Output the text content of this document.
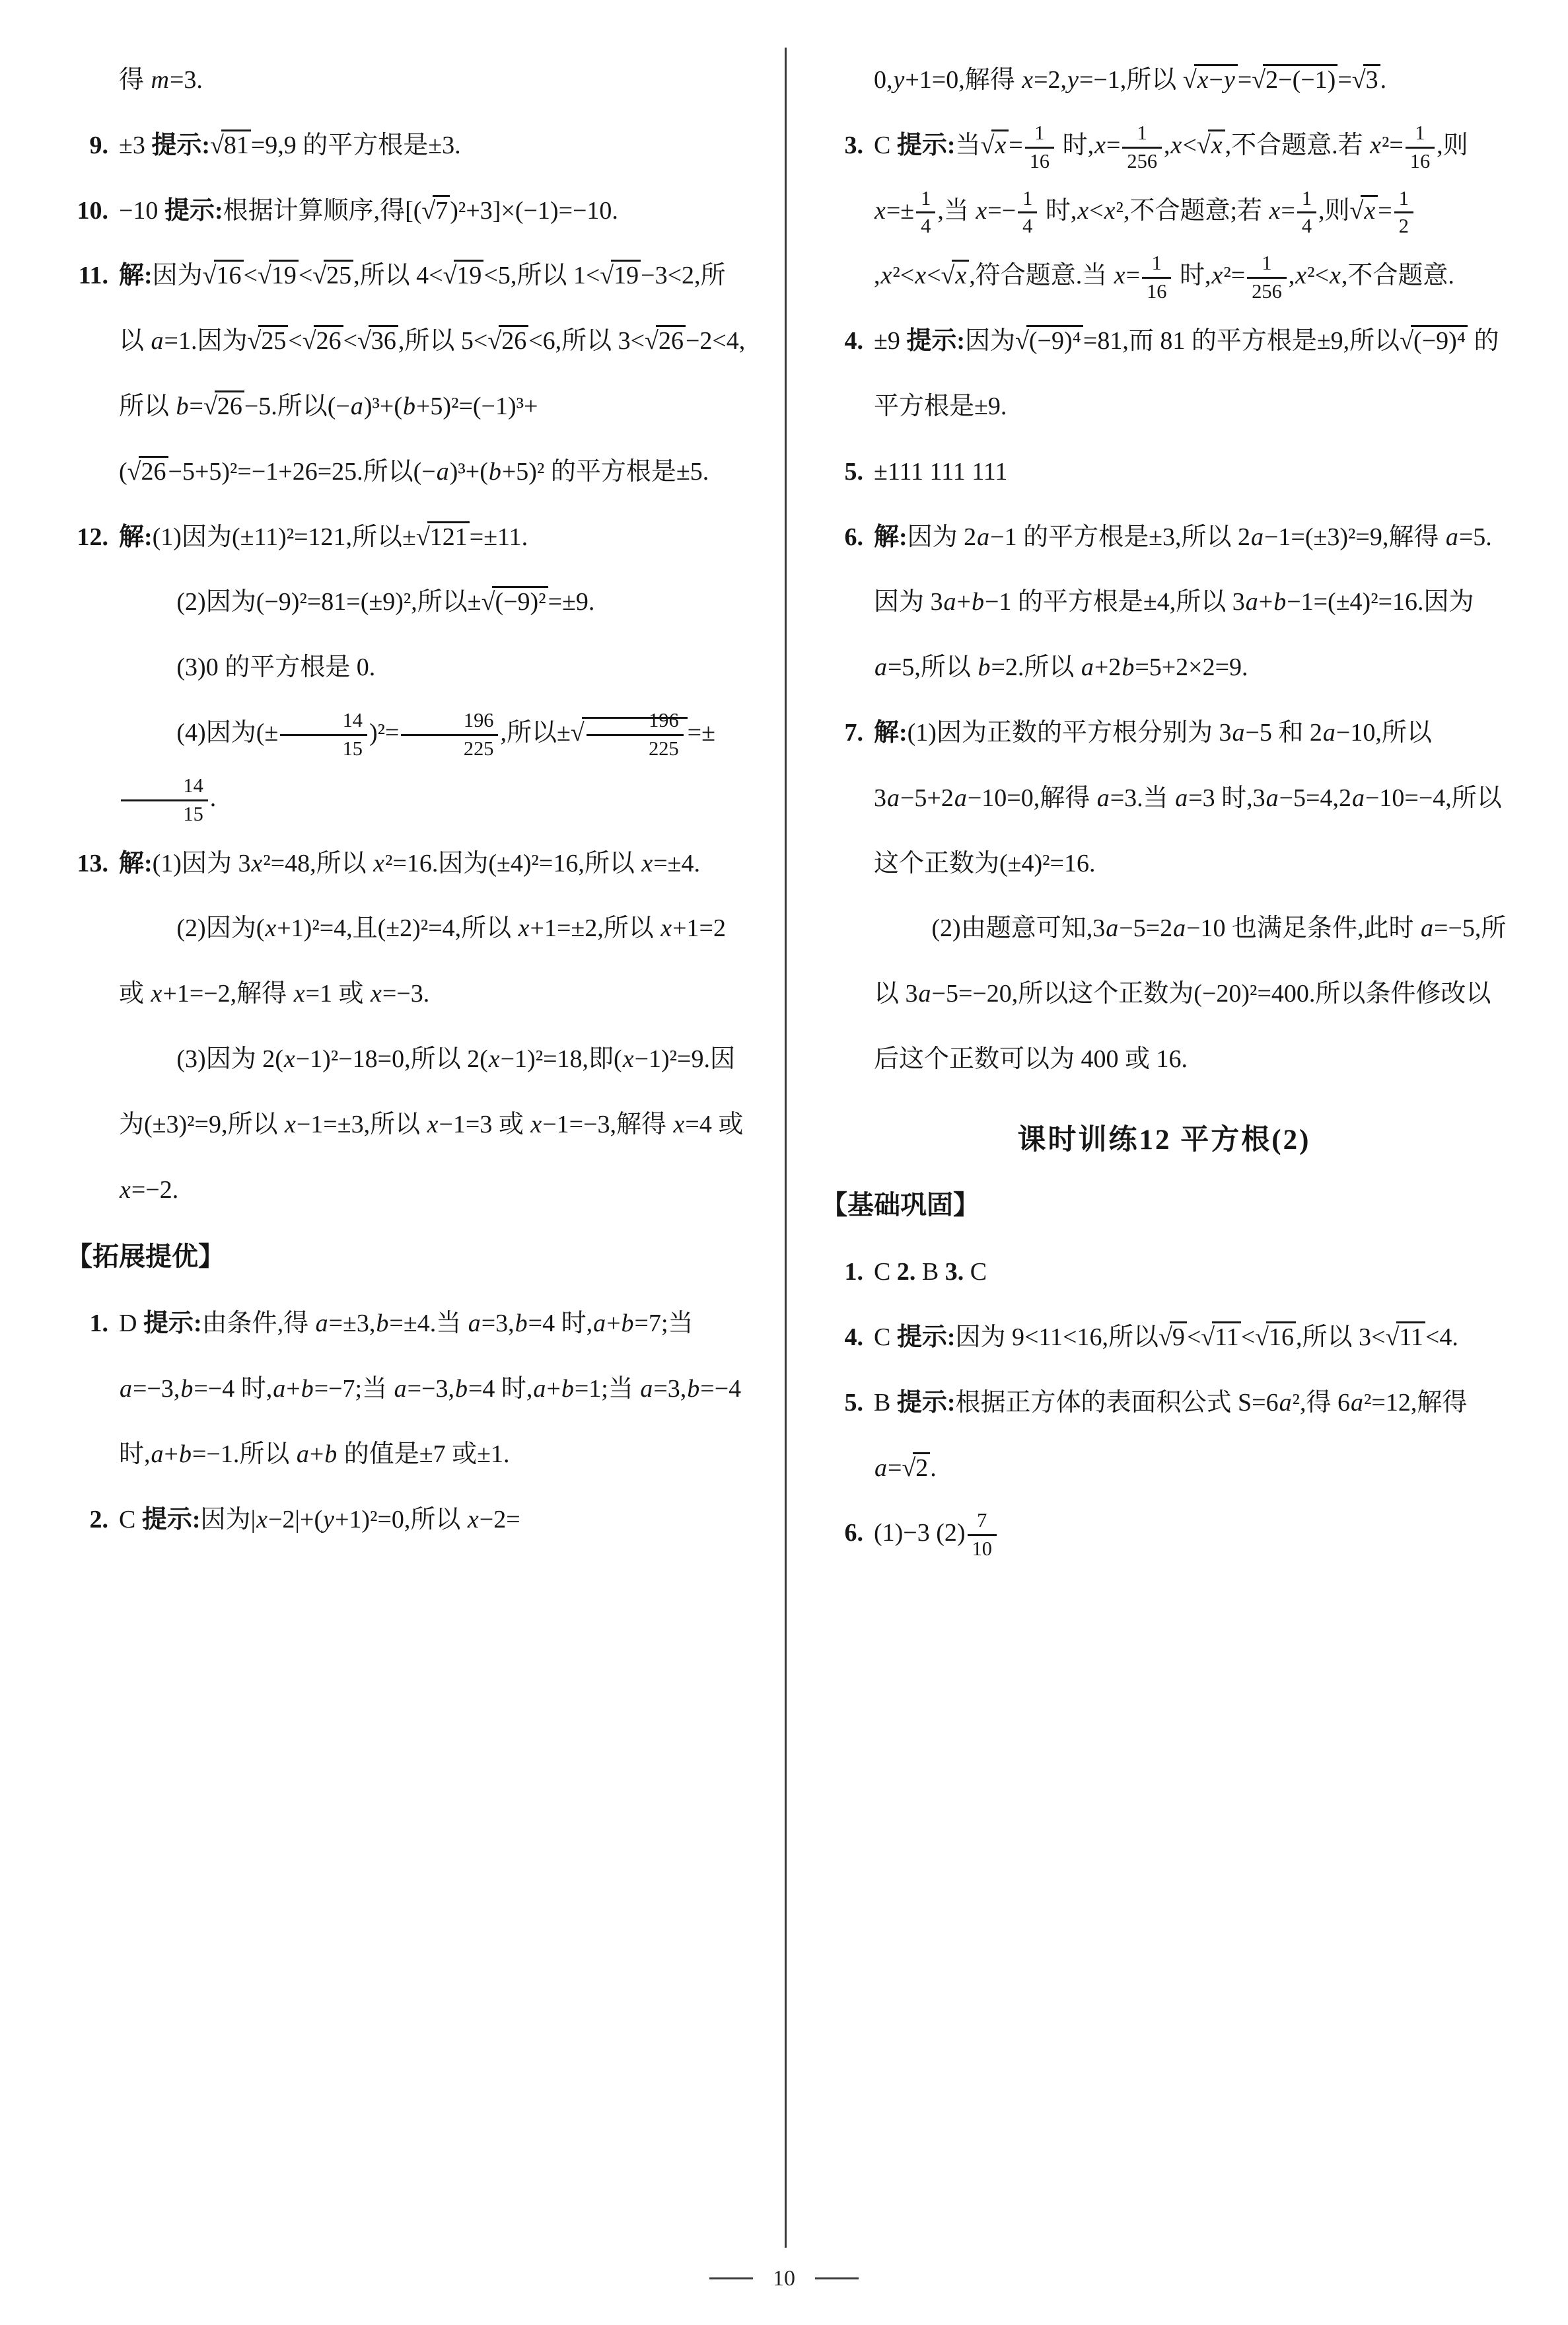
得 m=3.
9. ±3 提示:√81=9,9 的平方根是±3.
10. −10 提示:根据计算顺序,得[(√7)²+3]×(−1)=−10.
11. 解:因为√16<√19<√25,所以 4<√19<5,所以 1<√19−3<2,所以 a=1.因为√25<√26<√36,所以 5<√26<6,所以 3<√26−2<4,所以 b=√26−5.所以(−a)³+(b+5)²=(−1)³+(√26−5+5)²=−1+26=25.所以(−a)³+(b+5)² 的平方根是±5.
12. 解:(1)因为(±11)²=121,所以±√121=±11.

(2)因为(−9)²=81=(±9)²,所以±√(−9)²=±9.

(3)0 的平方根是 0.

(4)因为(± $\frac{14}{15} )^2= \frac{196}{225}$ ,所以±√ $\frac{196}{225}$ =±
$\frac{14}{15}$ .

13. 解:(1)因为 3x²=48,所以 x²=16.因为(±4)²=16,所以 x=±4.

(2)因为(x+1)²=4,且(±2)²=4,所以 x+1=±2,所以 x+1=2 或 x+1=−2,解得 x=1 或 x=−3.

(3)因为 2(x−1)²−18=0,所以 2(x−1)²=18,即(x−1)²=9.因为(±3)²=9,所以 x−1=±3,所以 x−1=3 或 x−1=−3,解得 x=4 或 x=−2.

【拓展提优】
1. D 提示:由条件,得 a=±3,b=±4.当 a=3,b=4 时,a+b=7;当 a=−3,b=−4 时,a+b=−7;当 a=−3,b=4 时,a+b=1;当 a=3,b=−4 时,a+b=−1.所以 a+b 的值是±7 或±1.
2. C 提示:因为|x−2|+(y+1)²=0,所以 x−2=
0,y+1=0,解得 x=2,y=−1,所以 √x−y =√2−(−1)=√3.
3. C 提示:当$√x = \frac{1}{16}$ 时$,x= \frac{1}{256} ,x<√x$ ,不合题意.若 $x^2= \frac{1}{16}$ ,则 $x=\pm \frac{1}{4}$ ,当 $x=- \frac{1}{4}$ 时,x<x²,不合题意;若 $x= \frac{1}{4}$ ,则$√x = \frac{1}{2}$
,x²<x<√x ,符合题意.当 $x= \frac{1}{16}$ 时$,x^2= \frac{1}{256} ,x^2<x$,不合题意.
4. ±9 提示:因为√(−9)⁴=81,而 81 的平方根是±9,所以√(−9)⁴ 的平方根是±9.
5. ±111 111 111
6. 解:因为 2a−1 的平方根是±3,所以 2a−1=(±3)²=9,解得 a=5.因为 3a+b−1 的平方根是±4,所以 3a+b−1=(±4)²=16.因为 a=5,所以 b=2.所以 a+2b=5+2×2=9.
7. 解:(1)因为正数的平方根分别为 3a−5 和 2a−10,所以 3a−5+2a−10=0,解得 a=3.当 a=3 时,3a−5=4,2a−10=−4,所以这个正数为(±4)²=16.

(2)由题意可知,3a−5=2a−10 也满足条件,此时 a=−5,所以 3a−5=−20,所以这个正数为(−20)²=400.所以条件修改以后这个正数可以为 400 或 16.

课时训练12 平方根(2)
【基础巩固】
1. C 2. B 3. C
4. C 提示:因为 9<11<16,所以√9<√11<√16,所以 3<√11<4.
5. B 提示:根据正方体的表面积公式 S=6a²,得 6a²=12,解得 a=√2.
6. (1)−3 $(2) \frac{7}{10}$
10
